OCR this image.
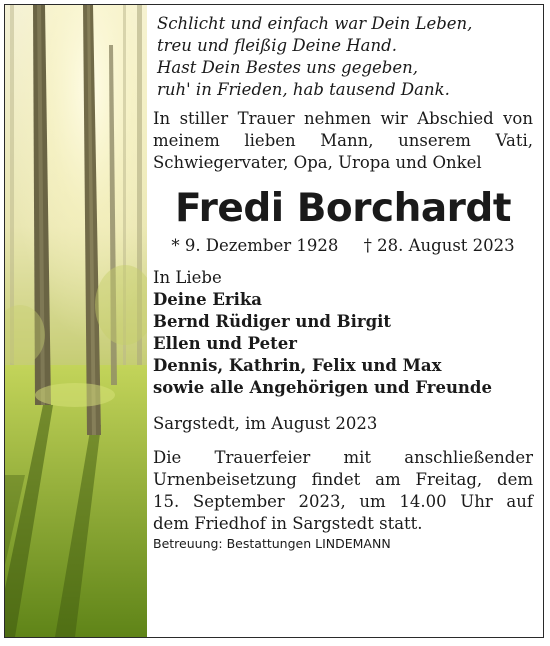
Schlicht und einfach war Dein Leben,
treu und fleißig Deine Hand.
Hast Dein Bestes uns gegeben,
ruh' in Frieden, hab tausend Dank.
In stiller Trauer nehmen wir Abschied von
meinem lieben Mann, unserem Vati,
Schwiegervater, Opa, Uropa und Onkel
Fredi Borchardt
* 9. Dezember 1928 † 28. August 2023
In Liebe
Deine Erika
Bernd Rüdiger und Birgit
Ellen und Peter
Dennis, Kathrin, Felix und Max
sowie alle Angehörigen und Freunde
Sargstedt, im August 2023
Die Trauerfeier mit anschließender
Urnenbeisetzung findet am Freitag, dem
15. September 2023, um 14.00 Uhr auf
dem Friedhof in Sargstedt statt.
Betreuung: Bestattungen LINDEMANN
